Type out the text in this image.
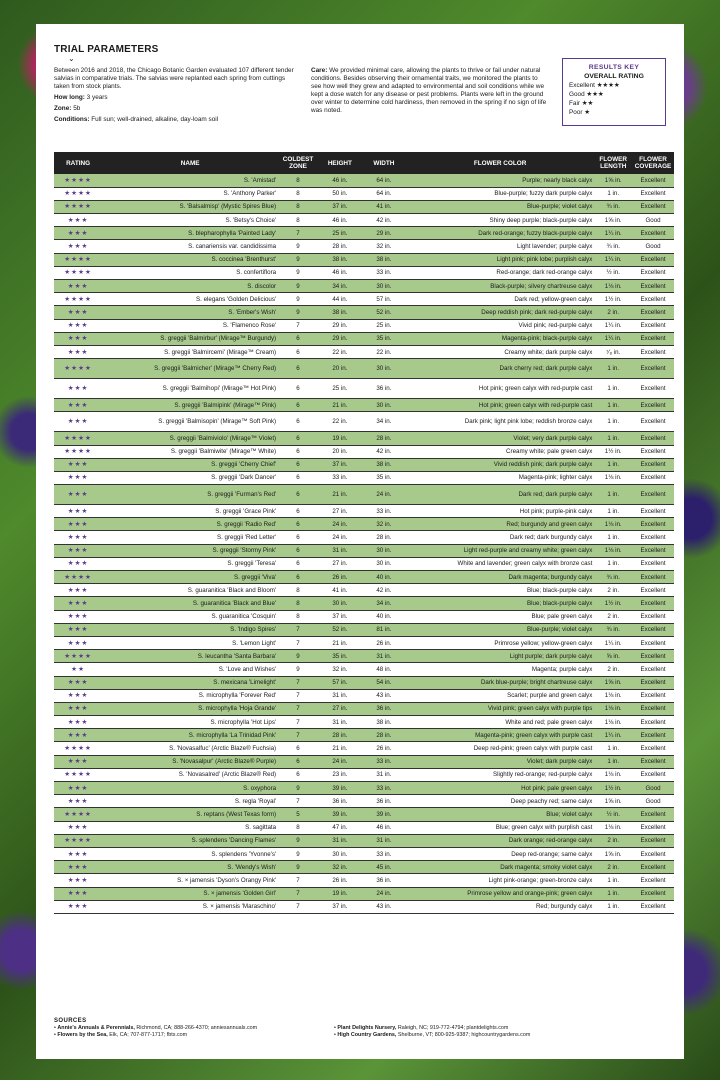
TRIAL PARAMETERS
⌄

Between 2016 and 2018, the Chicago Botanic Garden evaluated 107 different tender salvias in comparative trials. The salvias were replanted each spring from cuttings taken from stock plants.

How long: 3 years

Zone: 5b

Conditions: Full sun; well-drained, alkaline, day-loam soil

Care: We provided minimal care, allowing the plants to thrive or fail under natural conditions. Besides observing their ornamental traits, we monitored the plants to see how well they grew and adapted to environmental and soil conditions while we kept a dose watch for any disease or pest problems. Plants were left in the ground over winter to determine cold hardiness, then removed in the spring if no sign of life was noted.

RESULTS KEY
OVERALL RATING
Excellent ★★★★
Good ★★★
Fair ★★
Poor ★
RATING	NAME	COLDEST ZONE	HEIGHT	WIDTH	FLOWER COLOR	FLOWER LENGTH	FLOWER COVERAGE
★★★★	S. 'Amistad'	8	46 in.	64 in.	Purple; nearly black calyx	1⅝ in.	Excellent
★★★★	S. 'Anthony Parker'	8	50 in.	64 in.	Blue-purple; fuzzy dark purple calyx	1 in.	Excellent
★★★★	S. 'Balsalmisp' (Mystic Spires Blue)	8	37 in.	41 in.	Blue-purple; violet calyx	¾ in.	Excellent
★★★	S. 'Betsy's Choice'	8	46 in.	42 in.	Shiny deep purple; black-purple calyx	1⅝ in.	Good
★★★	S. blepharophylla 'Painted Lady'	7	25 in.	29 in.	Dark red-orange; fuzzy black-purple calyx	1¼ in.	Excellent
★★★	S. canariensis var. candidissima	9	28 in.	32 in.	Light lavender; purple calyx	¾ in.	Good
★★★★	S. coccinea 'Brenthurst'	9	38 in.	38 in.	Light pink; pink lobe; purplish calyx	1¼ in.	Excellent
★★★★	S. confertiflora	9	46 in.	33 in.	Red-orange; dark red-orange calyx	½ in.	Excellent
★★★	S. discolor	9	34 in.	30 in.	Black-purple; silvery chartreuse calyx	1⅛ in.	Excellent
★★★★	S. elegans 'Golden Delicious'	9	44 in.	57 in.	Dark red; yellow-green calyx	1½ in.	Excellent
★★★	S. 'Ember's Wish'	9	38 in.	52 in.	Deep reddish pink; dark red-purple calyx	2 in.	Excellent
★★★	S. 'Flamenco Rose'	7	29 in.	25 in.	Vivid pink; red-purple calyx	1¼ in.	Excellent
★★★	S. greggii 'Balmirbur' (Mirage™ Burgundy)	6	29 in.	35 in.	Magenta-pink; black-purple calyx	1¼ in.	Excellent
★★★	S. greggii 'Balmircemi' (Mirage™ Cream)	6	22 in.	22 in.	Creamy white; dark purple calyx	⁷⁄₈ in.	Excellent
★★★★	S. greggii 'Balmicher' (Mirage™ Cherry Red)	6	20 in.	30 in.	Dark cherry red; dark purple calyx	1 in.	Excellent
★★★	S. greggii 'Balmihopi' (Mirage™ Hot Pink)	6	25 in.	36 in.	Hot pink; green calyx with red-purple cast	1 in.	Excellent
★★★	S. greggii 'Balmipink' (Mirage™ Pink)	6	21 in.	30 in.	Hot pink; green calyx with red-purple cast	1 in.	Excellent
★★★	S. greggii 'Balmisopin' (Mirage™ Soft Pink)	6	22 in.	34 in.	Dark pink; light pink lobe; reddish bronze calyx	1 in.	Excellent
★★★★	S. greggii 'Balmiviolo' (Mirage™ Violet)	6	19 in.	28 in.	Violet; very dark purple calyx	1 in.	Excellent
★★★★	S. greggii 'Balmiwite' (Mirage™ White)	6	20 in.	42 in.	Creamy white; pale green calyx	1½ in.	Excellent
★★★	S. greggii 'Cherry Chief'	6	37 in.	38 in.	Vivid reddish pink; dark purple calyx	1 in.	Excellent
★★★	S. greggii 'Dark Dancer'	6	33 in.	35 in.	Magenta-pink; lighter calyx	1⅛ in.	Excellent
★★★	S. greggii 'Furman's Red'	6	21 in.	24 in.	Dark red; dark purple calyx	1 in.	Excellent
★★★	S. greggii 'Grace Pink'	6	27 in.	33 in.	Hot pink; purple-pink calyx	1 in.	Excellent
★★★	S. greggii 'Radio Red'	6	24 in.	32 in.	Red; burgundy and green calyx	1⅛ in.	Excellent
★★★	S. greggii 'Red Letter'	6	24 in.	28 in.	Dark red; dark burgundy calyx	1 in.	Excellent
★★★	S. greggii 'Stormy Pink'	6	31 in.	30 in.	Light red-purple and creamy white; green calyx	1⅛ in.	Excellent
★★★	S. greggii 'Teresa'	6	27 in.	30 in.	White and lavender; green calyx with bronze cast	1 in.	Excellent
★★★★	S. greggii 'Viva'	6	26 in.	40 in.	Dark magenta; burgundy calyx	¾ in.	Excellent
★★★	S. guaranitica 'Black and Bloom'	8	41 in.	42 in.	Blue; black-purple calyx	2 in.	Excellent
★★★	S. guaranitica 'Black and Blue'	8	30 in.	34 in.	Blue; black-purple calyx	1½ in.	Excellent
★★★	S. guaranitica 'Cosquin'	8	37 in.	40 in.	Blue; pale green calyx	2 in.	Excellent
★★★	S. 'Indigo Spires'	7	52 in.	81 in.	Blue-purple; violet calyx	¾ in.	Excellent
★★★	S. 'Lemon Light'	7	21 in.	26 in.	Primrose yellow; yellow-green calyx	1¼ in.	Excellent
★★★★	S. leucantha 'Santa Barbara'	9	35 in.	31 in.	Light purple; dark purple calyx	⅝ in.	Excellent
★★	S. 'Love and Wishes'	9	32 in.	48 in.	Magenta; purple calyx	2 in.	Excellent
★★★	S. mexicana 'Limelight'	7	57 in.	54 in.	Dark blue-purple; bright chartreuse calyx	1⅝ in.	Excellent
★★★	S. microphylla 'Forever Red'	7	31 in.	43 in.	Scarlet; purple and green calyx	1⅛ in.	Excellent
★★★	S. microphylla 'Hoja Grande'	7	27 in.	36 in.	Vivid pink; green calyx with purple tips	1⅛ in.	Excellent
★★★	S. microphylla 'Hot Lips'	7	31 in.	38 in.	White and red; pale green calyx	1⅛ in.	Excellent
★★★	S. microphylla 'La Trinidad Pink'	7	28 in.	28 in.	Magenta-pink; green calyx with purple cast	1¼ in.	Excellent
★★★★	S. 'Novasalfuc' (Arctic Blaze® Fuchsia)	6	21 in.	26 in.	Deep red-pink; green calyx with purple cast	1 in.	Excellent
★★★	S. 'Novasalpur' (Arctic Blaze® Purple)	6	24 in.	33 in.	Violet; dark purple calyx	1 in.	Excellent
★★★★	S. 'Novasalred' (Arctic Blaze® Red)	6	23 in.	31 in.	Slightly red-orange; red-purple calyx	1⅛ in.	Excellent
★★★	S. oxyphora	9	39 in.	33 in.	Hot pink; pale green calyx	1½ in.	Good
★★★	S. regla 'Royal'	7	36 in.	36 in.	Deep peachy red; same calyx	1⅝ in.	Good
★★★★	S. reptans (West Texas form)	5	39 in.	39 in.	Blue; violet calyx	½ in.	Excellent
★★★	S. sagittata	8	47 in.	46 in.	Blue; green calyx with purplish cast	1⅛ in.	Excellent
★★★★	S. splendens 'Dancing Flames'	9	31 in.	31 in.	Dark orange; red-orange calyx	2 in.	Excellent
★★★	S. splendens 'Yvonne's'	9	30 in.	33 in.	Deep red-orange; same calyx	1⅝ in.	Excellent
★★★	S. 'Wendy's Wish'	9	32 in.	45 in.	Dark magenta; smoky violet calyx	2 in.	Excellent
★★★	S. × jamensis 'Dyson's Orangy Pink'	7	26 in.	36 in.	Light pink-orange; green-bronze calyx	1 in.	Excellent
★★★	S. × jamensis 'Golden Girl'	7	19 in.	24 in.	Primrose yellow and orange-pink; green calyx	1 in.	Excellent
★★★	S. × jamensis 'Maraschino'	7	37 in.	43 in.	Red; burgundy calyx	1 in.	Excellent
SOURCES
• Annie's Annuals & Perennials, Richmond, CA; 888-266-4370; anniesannuals.com	• Plant Delights Nursery, Raleigh, NC; 919-772-4794; plantdelights.com
• Flowers by the Sea, Elk, CA; 707-877-1717; fbts.com	• High Country Gardens, Shelburne, VT; 800-925-9387; highcountrygardens.com
